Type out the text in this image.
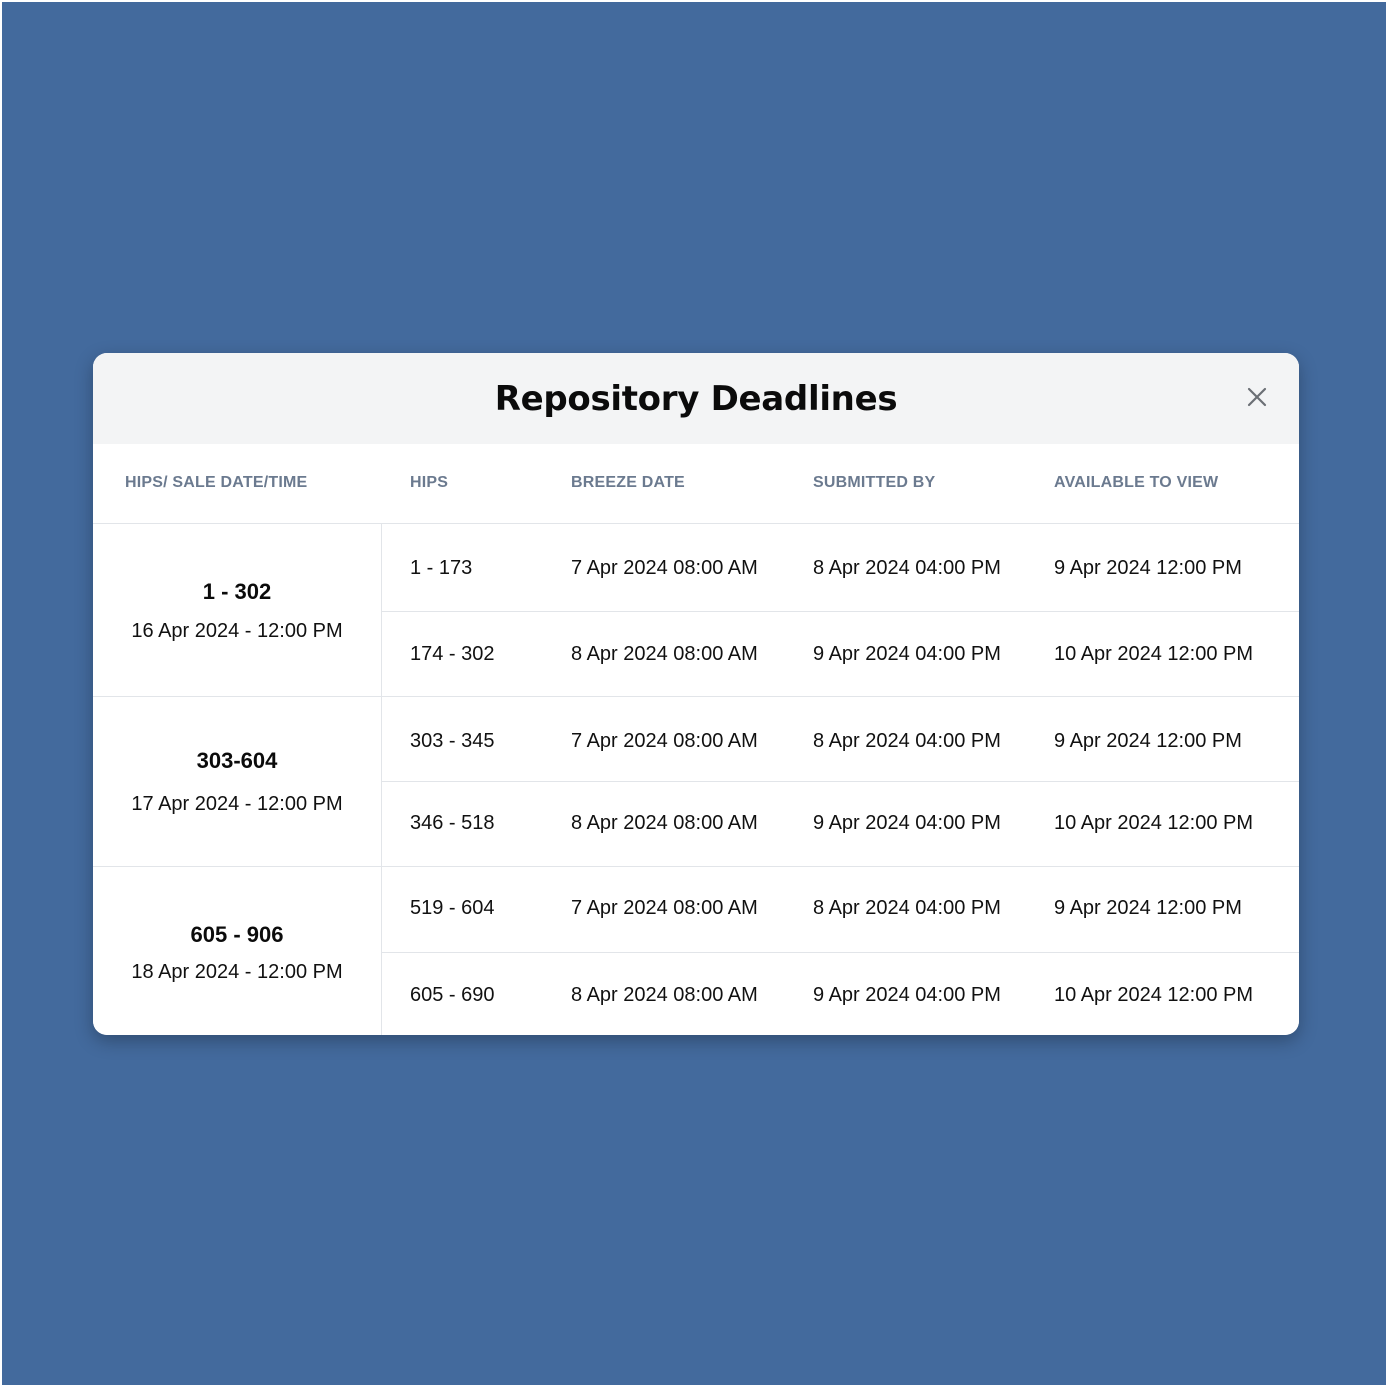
Repository Deadlines
HIPS/ SALE DATE/TIME	HIPS	BREEZE DATE	SUBMITTED BY	AVAILABLE TO VIEW
1 - 302
16 Apr 2024 - 12:00 PM
1 - 173	7 Apr 2024 08:00 AM	8 Apr 2024 04:00 PM	9 Apr 2024 12:00 PM
174 - 302	8 Apr 2024 08:00 AM	9 Apr 2024 04:00 PM	10 Apr 2024 12:00 PM
303-604
17 Apr 2024 - 12:00 PM
303 - 345	7 Apr 2024 08:00 AM	8 Apr 2024 04:00 PM	9 Apr 2024 12:00 PM
346 - 518	8 Apr 2024 08:00 AM	9 Apr 2024 04:00 PM	10 Apr 2024 12:00 PM
605 - 906
18 Apr 2024 - 12:00 PM
519 - 604	7 Apr 2024 08:00 AM	8 Apr 2024 04:00 PM	9 Apr 2024 12:00 PM
605 - 690	8 Apr 2024 08:00 AM	9 Apr 2024 04:00 PM	10 Apr 2024 12:00 PM
